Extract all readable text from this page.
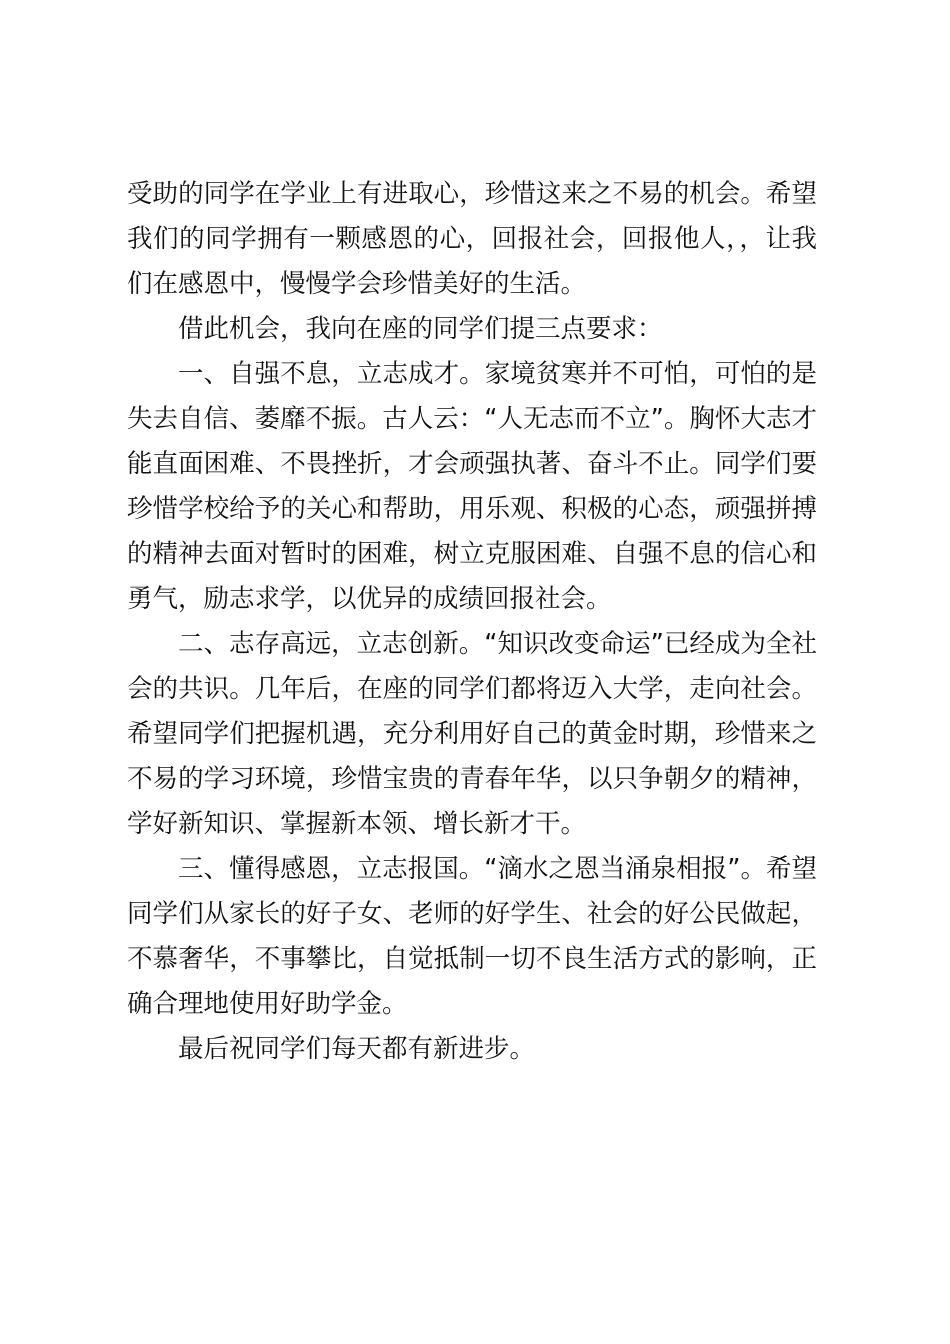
受助的同学在学业上有进取心，珍惜这来之不易的机会。希望我们的同学拥有一颗感恩的心，回报社会，回报他人，，让我们在感恩中，慢慢学会珍惜美好的生活。

借此机会，我向在座的同学们提三点要求：

一、自强不息，立志成才。家境贫寒并不可怕，可怕的是失去自信、萎靡不振。古人云：“人无志而不立”。胸怀大志才能直面困难、不畏挫折，才会顽强执著、奋斗不止。同学们要珍惜学校给予的关心和帮助，用乐观、积极的心态，顽强拼搏的精神去面对暂时的困难，树立克服困难、自强不息的信心和勇气，励志求学，以优异的成绩回报社会。

二、志存高远，立志创新。“知识改变命运”已经成为全社会的共识。几年后，在座的同学们都将迈入大学，走向社会。希望同学们把握机遇，充分利用好自己的黄金时期，珍惜来之不易的学习环境，珍惜宝贵的青春年华，以只争朝夕的精神，学好新知识、掌握新本领、增长新才干。

三、懂得感恩，立志报国。“滴水之恩当涌泉相报”。希望同学们从家长的好子女、老师的好学生、社会的好公民做起，不慕奢华，不事攀比，自觉抵制一切不良生活方式的影响，正确合理地使用好助学金。

最后祝同学们每天都有新进步。
